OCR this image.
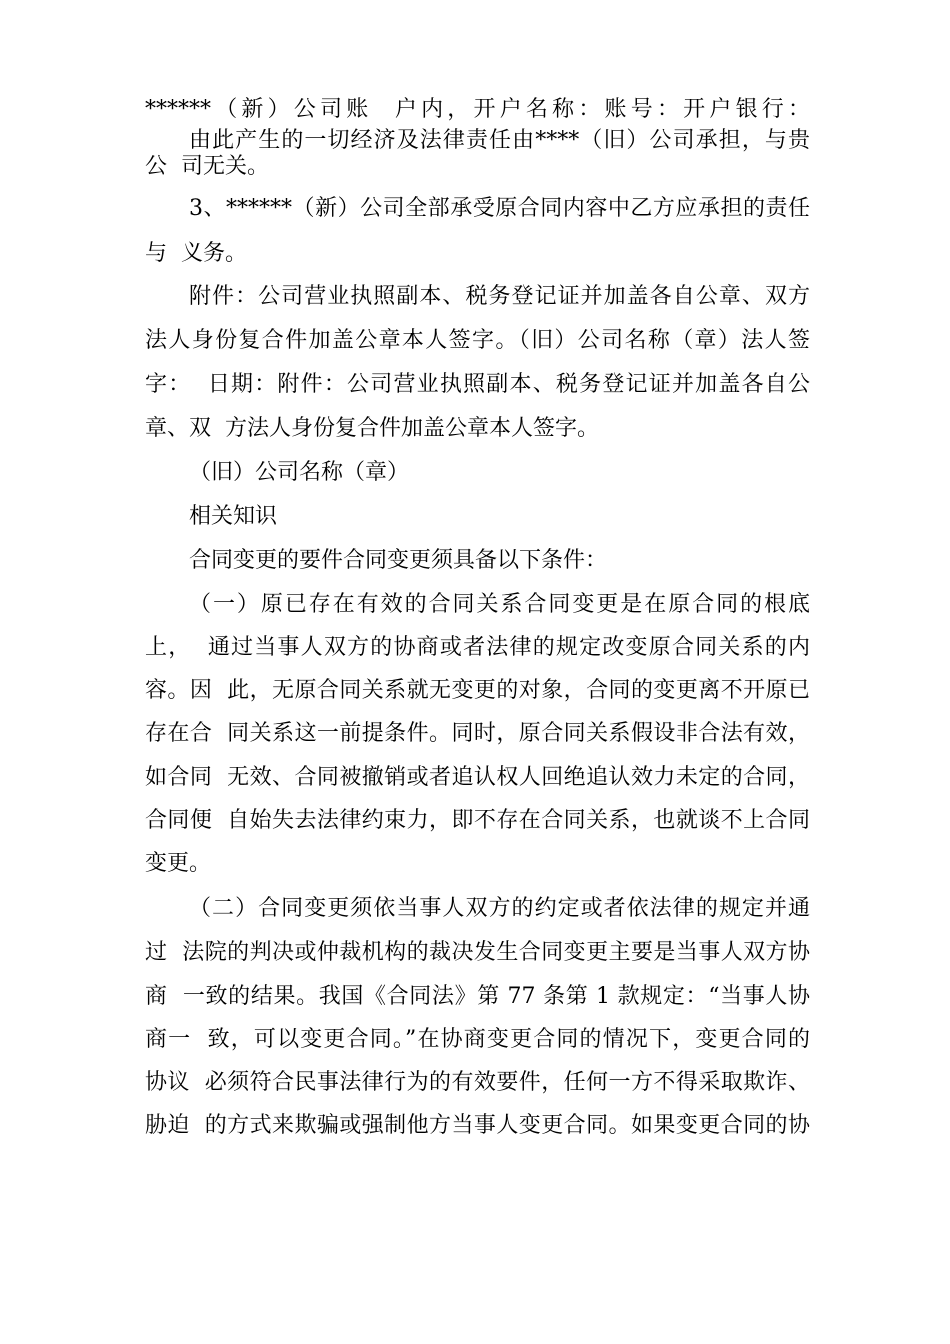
******（新）公司账  户内，开户名称：账号：开户银行：
由此产生的一切经济及法律责任由****（旧）公司承担，与贵
公  司无关。
3、******（新）公司全部承受原合同内容中乙方应承担的责任
与  义务。
附件：公司营业执照副本、税务登记证并加盖各自公章、双方
法人身份复合件加盖公章本人签字。（旧）公司名称（章）法人签
字：  日期：附件：公司营业执照副本、税务登记证并加盖各自公
章、双  方法人身份复合件加盖公章本人签字。
（旧）公司名称（章）
相关知识
合同变更的要件合同变更须具备以下条件：
（一）原已存在有效的合同关系合同变更是在原合同的根底
上，  通过当事人双方的协商或者法律的规定改变原合同关系的内
容。因  此，无原合同关系就无变更的对象，合同的变更离不开原已
存在合  同关系这一前提条件。同时，原合同关系假设非合法有效，
如合同  无效、合同被撤销或者追认权人回绝追认效力未定的合同，
合同便  自始失去法律约束力，即不存在合同关系，也就谈不上合同
变更。
（二）合同变更须依当事人双方的约定或者依法律的规定并通
过  法院的判决或仲裁机构的裁决发生合同变更主要是当事人双方协
商  一致的结果。我国《合同法》第 77 条第 1 款规定：“当事人协
商一  致，可以变更合同。”在协商变更合同的情况下，变更合同的
协议  必须符合民事法律行为的有效要件，任何一方不得采取欺诈、
胁迫  的方式来欺骗或强制他方当事人变更合同。如果变更合同的协
